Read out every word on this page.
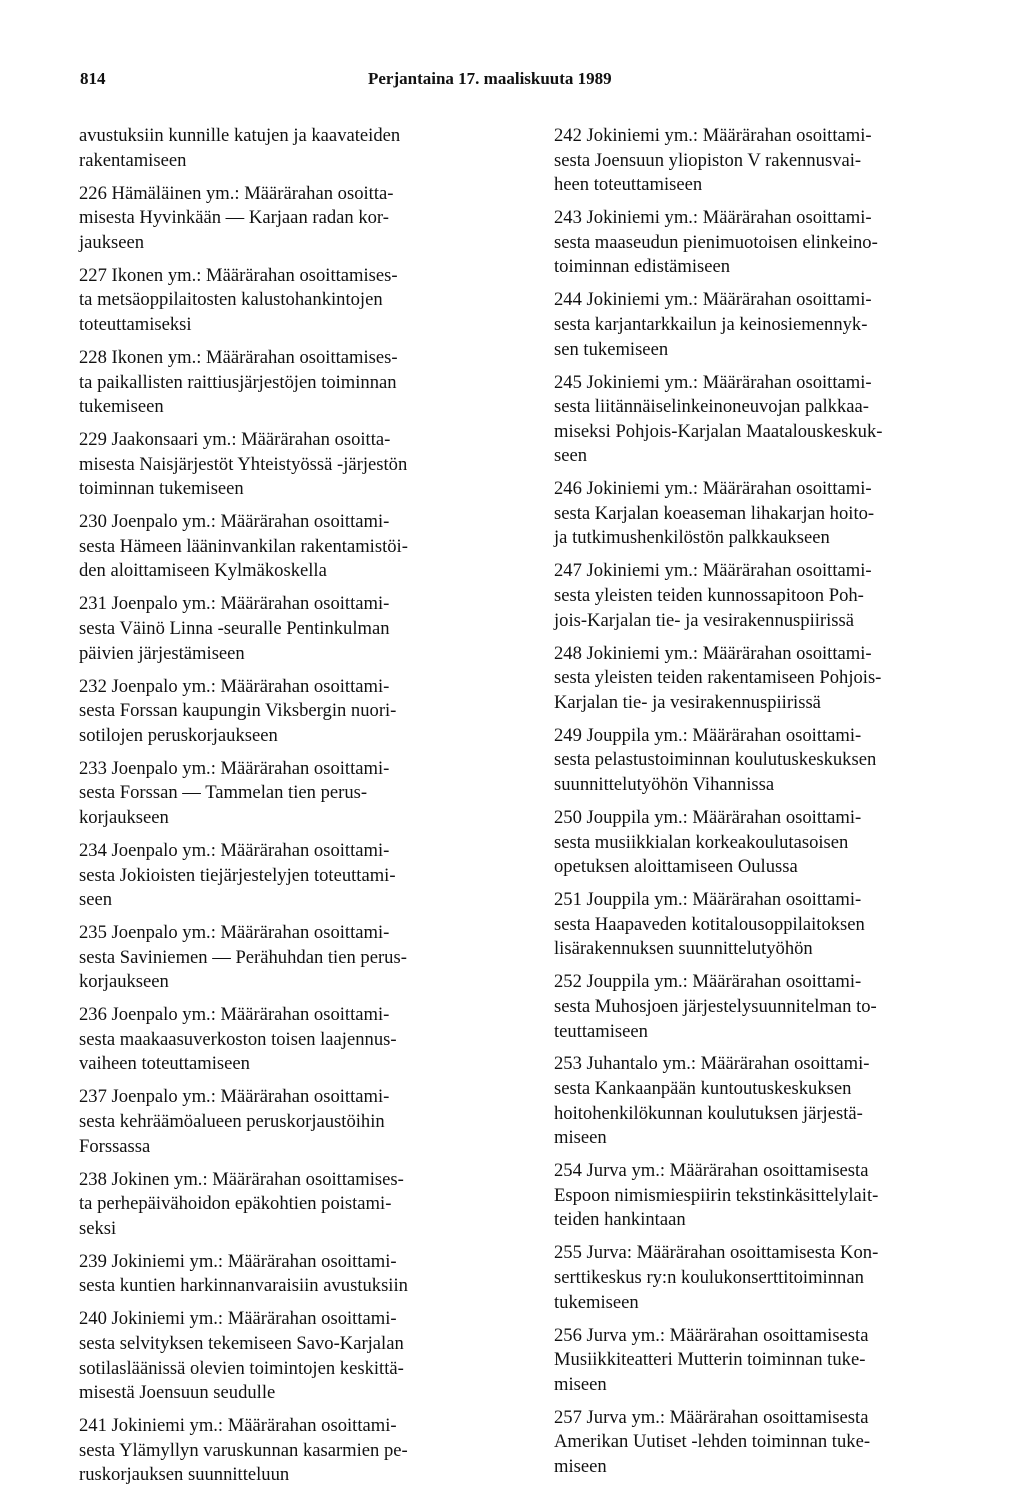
814	Perjantaina 17. maaliskuuta 1989
avustuksiin kunnille katujen ja kaavateiden
rakentamiseen
226 Hämäläinen ym.: Määrärahan osoitta-
misesta Hyvinkään — Karjaan radan kor-
jaukseen
227 Ikonen ym.: Määrärahan osoittamises-
ta metsäoppilaitosten kalustohankintojen
toteuttamiseksi
228 Ikonen ym.: Määrärahan osoittamises-
ta paikallisten raittiusjärjestöjen toiminnan
tukemiseen
229 Jaakonsaari ym.: Määrärahan osoitta-
misesta Naisjärjestöt Yhteistyössä -järjestön
toiminnan tukemiseen
230 Joenpalo ym.: Määrärahan osoittami-
sesta Hämeen lääninvankilan rakentamistöi-
den aloittamiseen Kylmäkoskella
231 Joenpalo ym.: Määrärahan osoittami-
sesta Väinö Linna -seuralle Pentinkulman
päivien järjestämiseen
232 Joenpalo ym.: Määrärahan osoittami-
sesta Forssan kaupungin Viksbergin nuori-
sotilojen peruskorjaukseen
233 Joenpalo ym.: Määrärahan osoittami-
sesta Forssan — Tammelan tien perus-
korjaukseen
234 Joenpalo ym.: Määrärahan osoittami-
sesta Jokioisten tiejärjestelyjen toteuttami-
seen
235 Joenpalo ym.: Määrärahan osoittami-
sesta Saviniemen — Perähuhdan tien perus-
korjaukseen
236 Joenpalo ym.: Määrärahan osoittami-
sesta maakaasuverkoston toisen laajennus-
vaiheen toteuttamiseen
237 Joenpalo ym.: Määrärahan osoittami-
sesta kehräämöalueen peruskorjaustöihin
Forssassa
238 Jokinen ym.: Määrärahan osoittamises-
ta perhepäivähoidon epäkohtien poistami-
seksi
239 Jokiniemi ym.: Määrärahan osoittami-
sesta kuntien harkinnanvaraisiin avustuksiin
240 Jokiniemi ym.: Määrärahan osoittami-
sesta selvityksen tekemiseen Savo-Karjalan
sotilasläänissä olevien toimintojen keskittä-
misestä Joensuun seudulle
241 Jokiniemi ym.: Määrärahan osoittami-
sesta Ylämyllyn varuskunnan kasarmien pe-
ruskorjauksen suunnitteluun
242 Jokiniemi ym.: Määrärahan osoittami-
sesta Joensuun yliopiston V rakennusvai-
heen toteuttamiseen
243 Jokiniemi ym.: Määrärahan osoittami-
sesta maaseudun pienimuotoisen elinkeino-
toiminnan edistämiseen
244 Jokiniemi ym.: Määrärahan osoittami-
sesta karjantarkkailun ja keinosiemennyk-
sen tukemiseen
245 Jokiniemi ym.: Määrärahan osoittami-
sesta liitännäiselinkeinoneuvojan palkkaa-
miseksi Pohjois-Karjalan Maatalouskeskuk-
seen
246 Jokiniemi ym.: Määrärahan osoittami-
sesta Karjalan koeaseman lihakarjan hoito-
ja tutkimushenkilöstön palkkaukseen
247 Jokiniemi ym.: Määrärahan osoittami-
sesta yleisten teiden kunnossapitoon Poh-
jois-Karjalan tie- ja vesirakennuspiirissä
248 Jokiniemi ym.: Määrärahan osoittami-
sesta yleisten teiden rakentamiseen Pohjois-
Karjalan tie- ja vesirakennuspiirissä
249 Jouppila ym.: Määrärahan osoittami-
sesta pelastustoiminnan koulutuskeskuksen
suunnittelutyöhön Vihannissa
250 Jouppila ym.: Määrärahan osoittami-
sesta musiikkialan korkeakoulutasoisen
opetuksen aloittamiseen Oulussa
251 Jouppila ym.: Määrärahan osoittami-
sesta Haapaveden kotitalousoppilaitoksen
lisärakennuksen suunnittelutyöhön
252 Jouppila ym.: Määrärahan osoittami-
sesta Muhosjoen järjestelysuunnitelman to-
teuttamiseen
253 Juhantalo ym.: Määrärahan osoittami-
sesta Kankaanpään kuntoutuskeskuksen
hoitohenkilökunnan koulutuksen järjestä-
miseen
254 Jurva ym.: Määrärahan osoittamisesta
Espoon nimismiespiirin tekstinkäsittelylait-
teiden hankintaan
255 Jurva: Määrärahan osoittamisesta Kon-
serttikeskus ry:n koulukonserttitoiminnan
tukemiseen
256 Jurva ym.: Määrärahan osoittamisesta
Musiikkiteatteri Mutterin toiminnan tuke-
miseen
257 Jurva ym.: Määrärahan osoittamisesta
Amerikan Uutiset -lehden toiminnan tuke-
miseen
